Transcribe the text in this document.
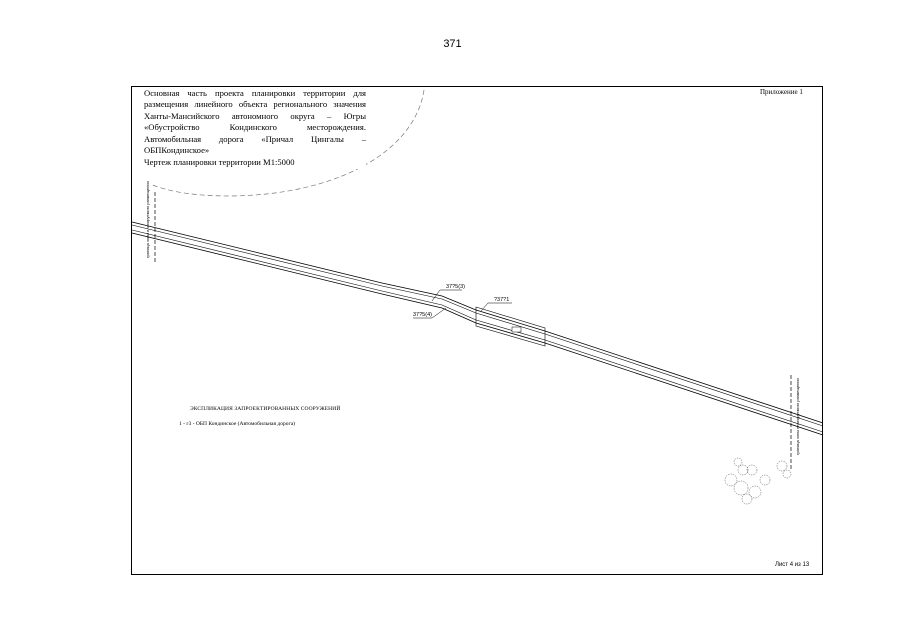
371
граница зоны планируемого размещения
граница зоны планируемого размещения
37?5(3)
37?5(4)
?37?1

Основная часть проекта планировки территории для размещения линейного объекта регионального значения Ханты-Мансийского автономного округа – Югры «Обустройство Кондинского месторождения. Автомобильная дорога «Причал Цингалы – ОБПКондинское»

Чертеж планировки территории М1:5000

Приложение 1
ЭКСПЛИКАЦИЯ ЗАПРОЕКТИРОВАННЫХ СООРУЖЕНИЙ
1 - г3 - ОБП Кондинское (Автомобильная дорога)
Лист 4 из 13
